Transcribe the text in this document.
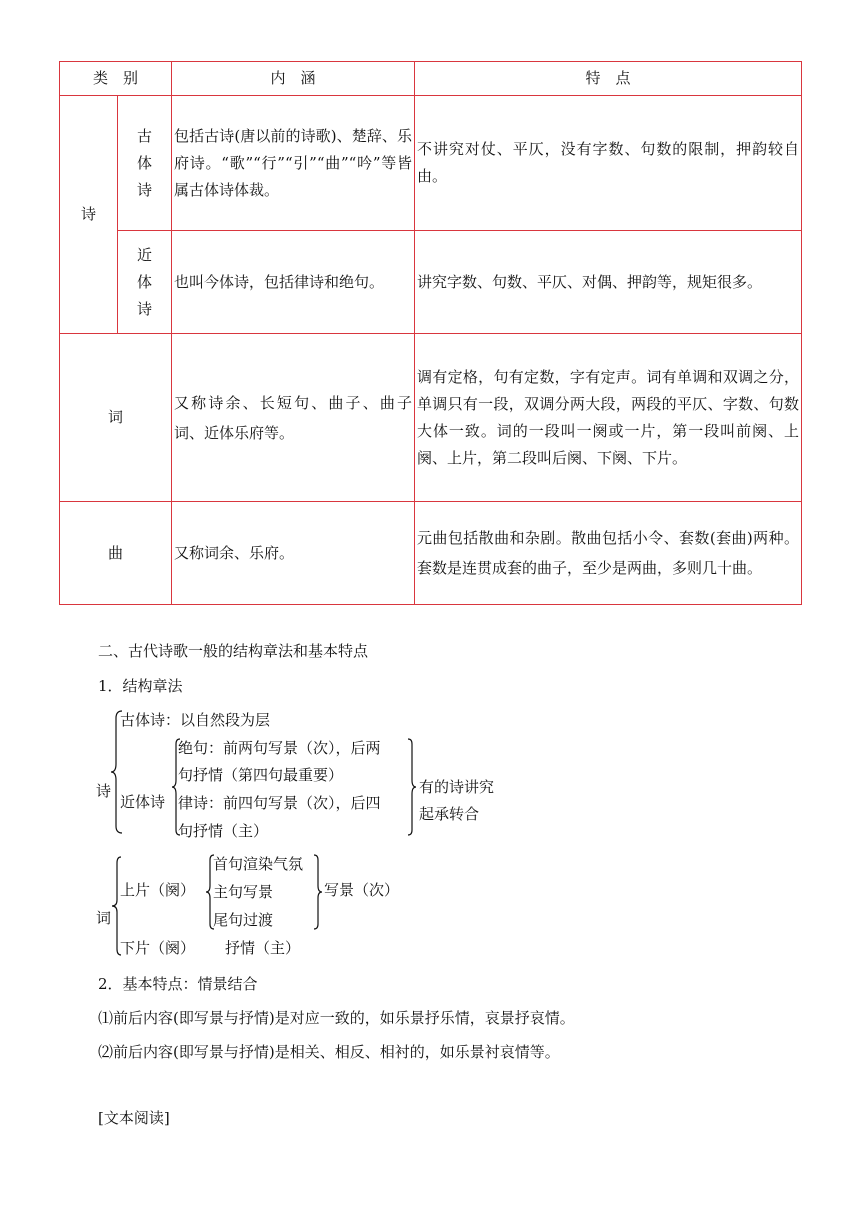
类　别		内　涵	特　点
诗	古体诗	包括古诗(唐以前的诗歌)、楚辞、乐府诗。“歌”“行”“引”“曲”“吟”等皆属古体诗体裁。	不讲究对仗、平仄，没有字数、句数的限制，押韵较自由。

	近体诗	也叫今体诗，包括律诗和绝句。	讲究字数、句数、平仄、对偶、押韵等，规矩很多。
词		又称诗余、长短句、曲子、曲子词、近体乐府等。	调有定格，句有定数，字有定声。词有单调和双调之分，单调只有一段，双调分两大段，两段的平仄、字数、句数大体一致。词的一段叫一阕或一片，第一段叫前阕、上阕、上片，第二段叫后阕、下阕、下片。
曲		又称词余、乐府。	元曲包括散曲和杂剧。散曲包括小令、套数(套曲)两种。套数是连贯成套的曲子，至少是两曲，多则几十曲。
二、古代诗歌一般的结构章法和基本特点
1．结构章法
诗
古体诗：以自然段为层
近体诗
绝句：前两句写景（次），后两
句抒情（第四句最重要）
律诗：前四句写景（次），后四
句抒情（主）
有的诗讲究
起承转合
词
上片（阕）
首句渲染气氛
主句写景
尾句过渡
写景（次）
下片（阕） 抒情（主）
2．基本特点：情景结合
⑴前后内容(即写景与抒情)是对应一致的，如乐景抒乐情，哀景抒哀情。
⑵前后内容(即写景与抒情)是相关、相反、相衬的，如乐景衬哀情等。
[文本阅读]
